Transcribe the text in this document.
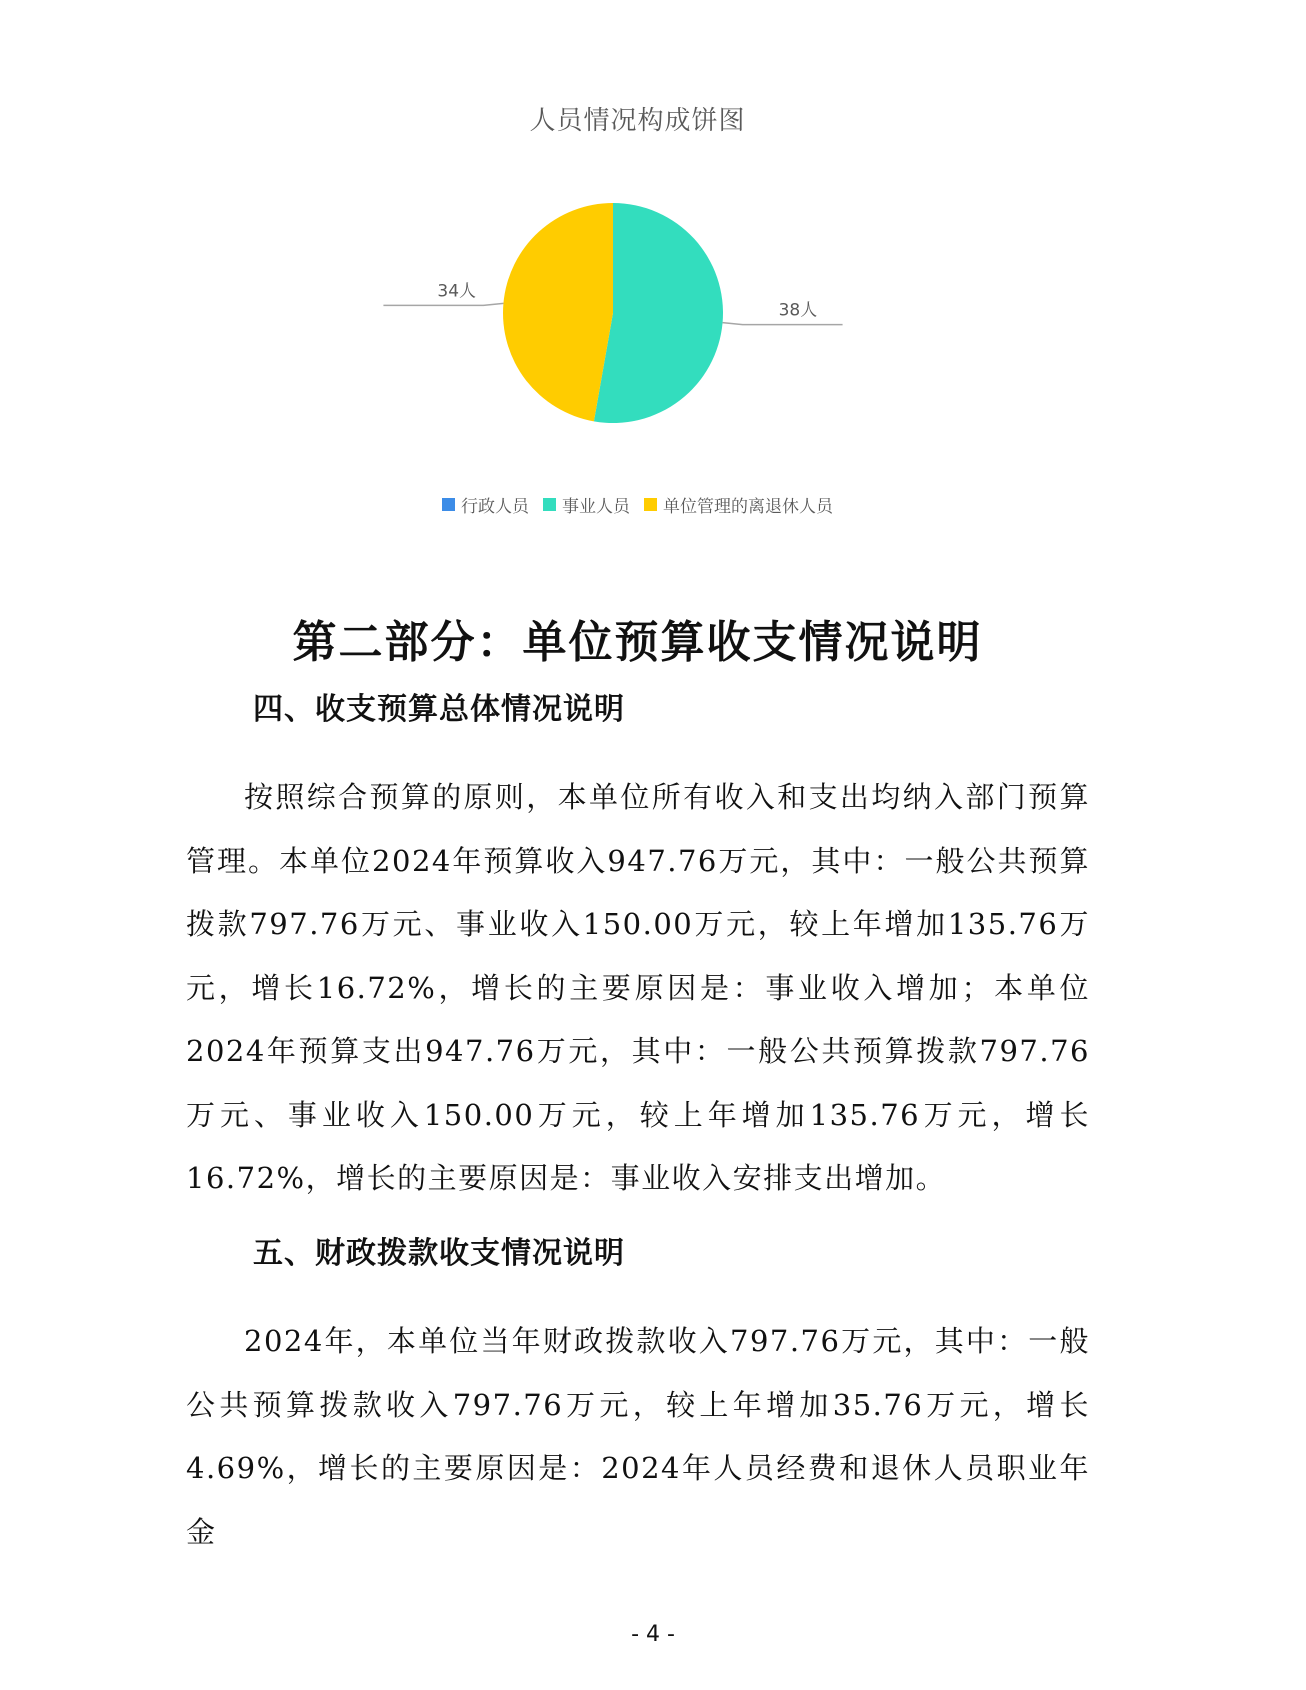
人员情况构成饼图
38人
34人
行政人员 事业人员 单位管理的离退休人员
第二部分：单位预算收支情况说明
四、收支预算总体情况说明

按照综合预算的原则，本单位所有收入和支出均纳入部门预算管理。本单位2024年预算收入947.76万元，其中：一般公共预算拨款797.76万元、事业收入150.00万元，较上年增加135.76万元，增长16.72%，增长的主要原因是：事业收入增加；本单位2024年预算支出947.76万元，其中：一般公共预算拨款797.76万元、事业收入150.00万元，较上年增加135.76万元，增长16.72%，增长的主要原因是：事业收入安排支出增加。

五、财政拨款收支情况说明

2024年，本单位当年财政拨款收入797.76万元，其中：一般公共预算拨款收入797.76万元，较上年增加35.76万元，增长4.69%，增长的主要原因是：2024年人员经费和退休人员职业年金

- 4 -
